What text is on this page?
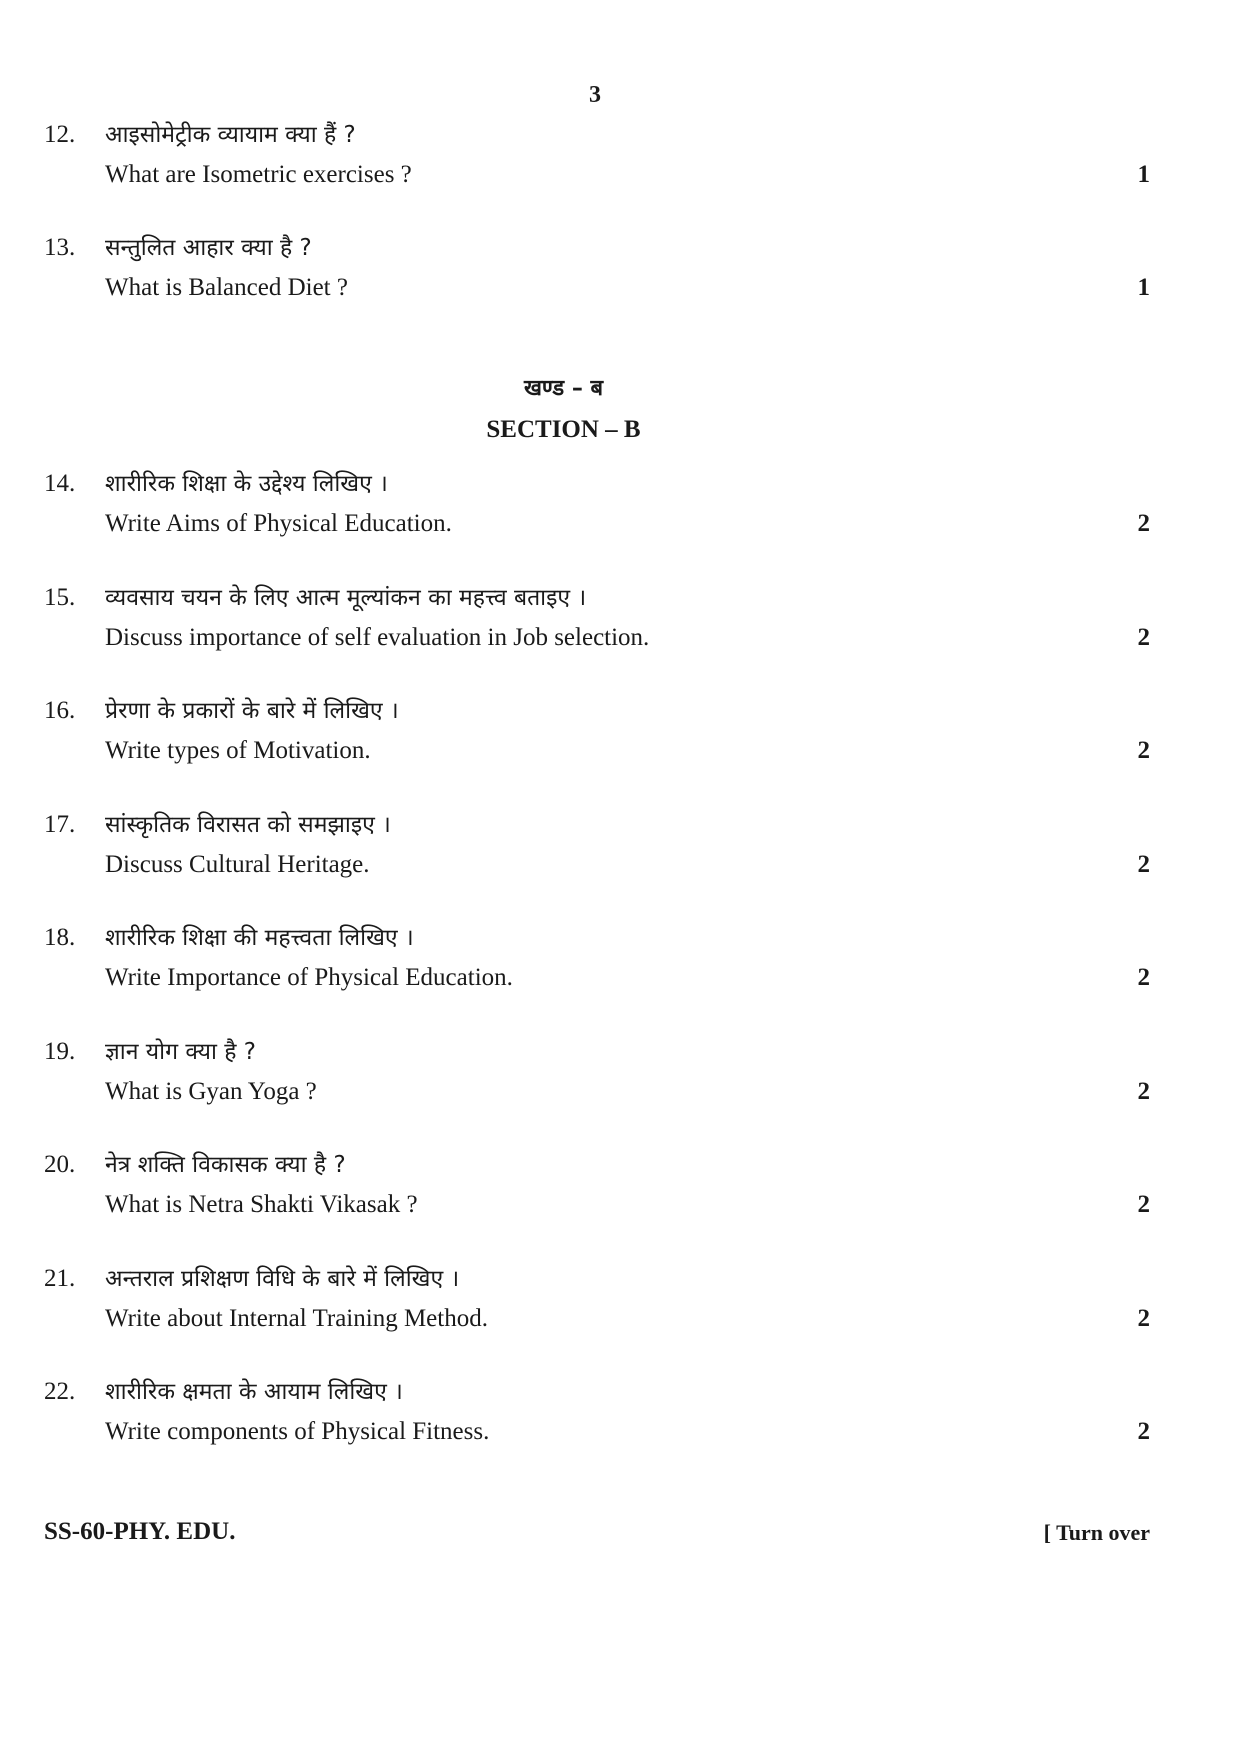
3
12. आइसोमेट्रीक व्यायाम क्या हैं ?
What are Isometric exercises ?	1
13. सन्तुलित आहार क्या है ?
What is Balanced Diet ?	1
खण्ड – ब
SECTION – B
14. शारीरिक शिक्षा के उद्देश्य लिखिए ।
Write Aims of Physical Education.	2
15. व्यवसाय चयन के लिए आत्म मूल्यांकन का महत्त्व बताइए ।
Discuss importance of self evaluation in Job selection.	2
16. प्रेरणा के प्रकारों के बारे में लिखिए ।
Write types of Motivation.	2
17. सांस्कृतिक विरासत को समझाइए ।
Discuss Cultural Heritage.	2
18. शारीरिक शिक्षा की महत्त्वता लिखिए ।
Write Importance of Physical Education.	2
19. ज्ञान योग क्या है ?
What is Gyan Yoga ?	2
20. नेत्र शक्ति विकासक क्या है ?
What is Netra Shakti Vikasak ?	2
21. अन्तराल प्रशिक्षण विधि के बारे में लिखिए ।
Write about Internal Training Method.	2
22. शारीरिक क्षमता के आयाम लिखिए ।
Write components of Physical Fitness.	2
SS-60-PHY. EDU.	[ Turn over
